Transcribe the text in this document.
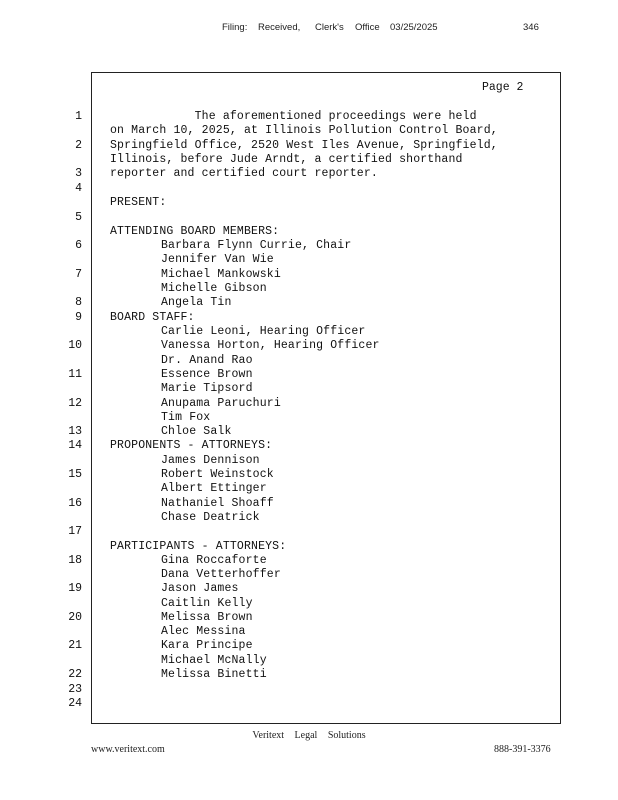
Filing: Received, Clerk's Office 03/25/2025	346
Page 2
1
2
3
4
5
6
7
8
9
10
11
12
13
14
15
16
17
18
19
20
21
22
23
24
The aforementioned proceedings were held
on March 10, 2025, at Illinois Pollution Control Board,
Springfield Office, 2520 West Iles Avenue, Springfield,
Illinois, before Jude Arndt, a certified shorthand
reporter and certified court reporter.
PRESENT:
ATTENDING BOARD MEMBERS:
Barbara Flynn Currie, Chair
Jennifer Van Wie
Michael Mankowski
Michelle Gibson
Angela Tin
BOARD STAFF:
Carlie Leoni, Hearing Officer
Vanessa Horton, Hearing Officer
Dr. Anand Rao
Essence Brown
Marie Tipsord
Anupama Paruchuri
Tim Fox
Chloe Salk
PROPONENTS - ATTORNEYS:
James Dennison
Robert Weinstock
Albert Ettinger
Nathaniel Shoaff
Chase Deatrick
PARTICIPANTS - ATTORNEYS:
Gina Roccaforte
Dana Vetterhoffer
Jason James
Caitlin Kelly
Melissa Brown
Alec Messina
Kara Principe
Michael McNally
Melissa Binetti
Veritext Legal Solutions
www.veritext.com	888-391-3376
